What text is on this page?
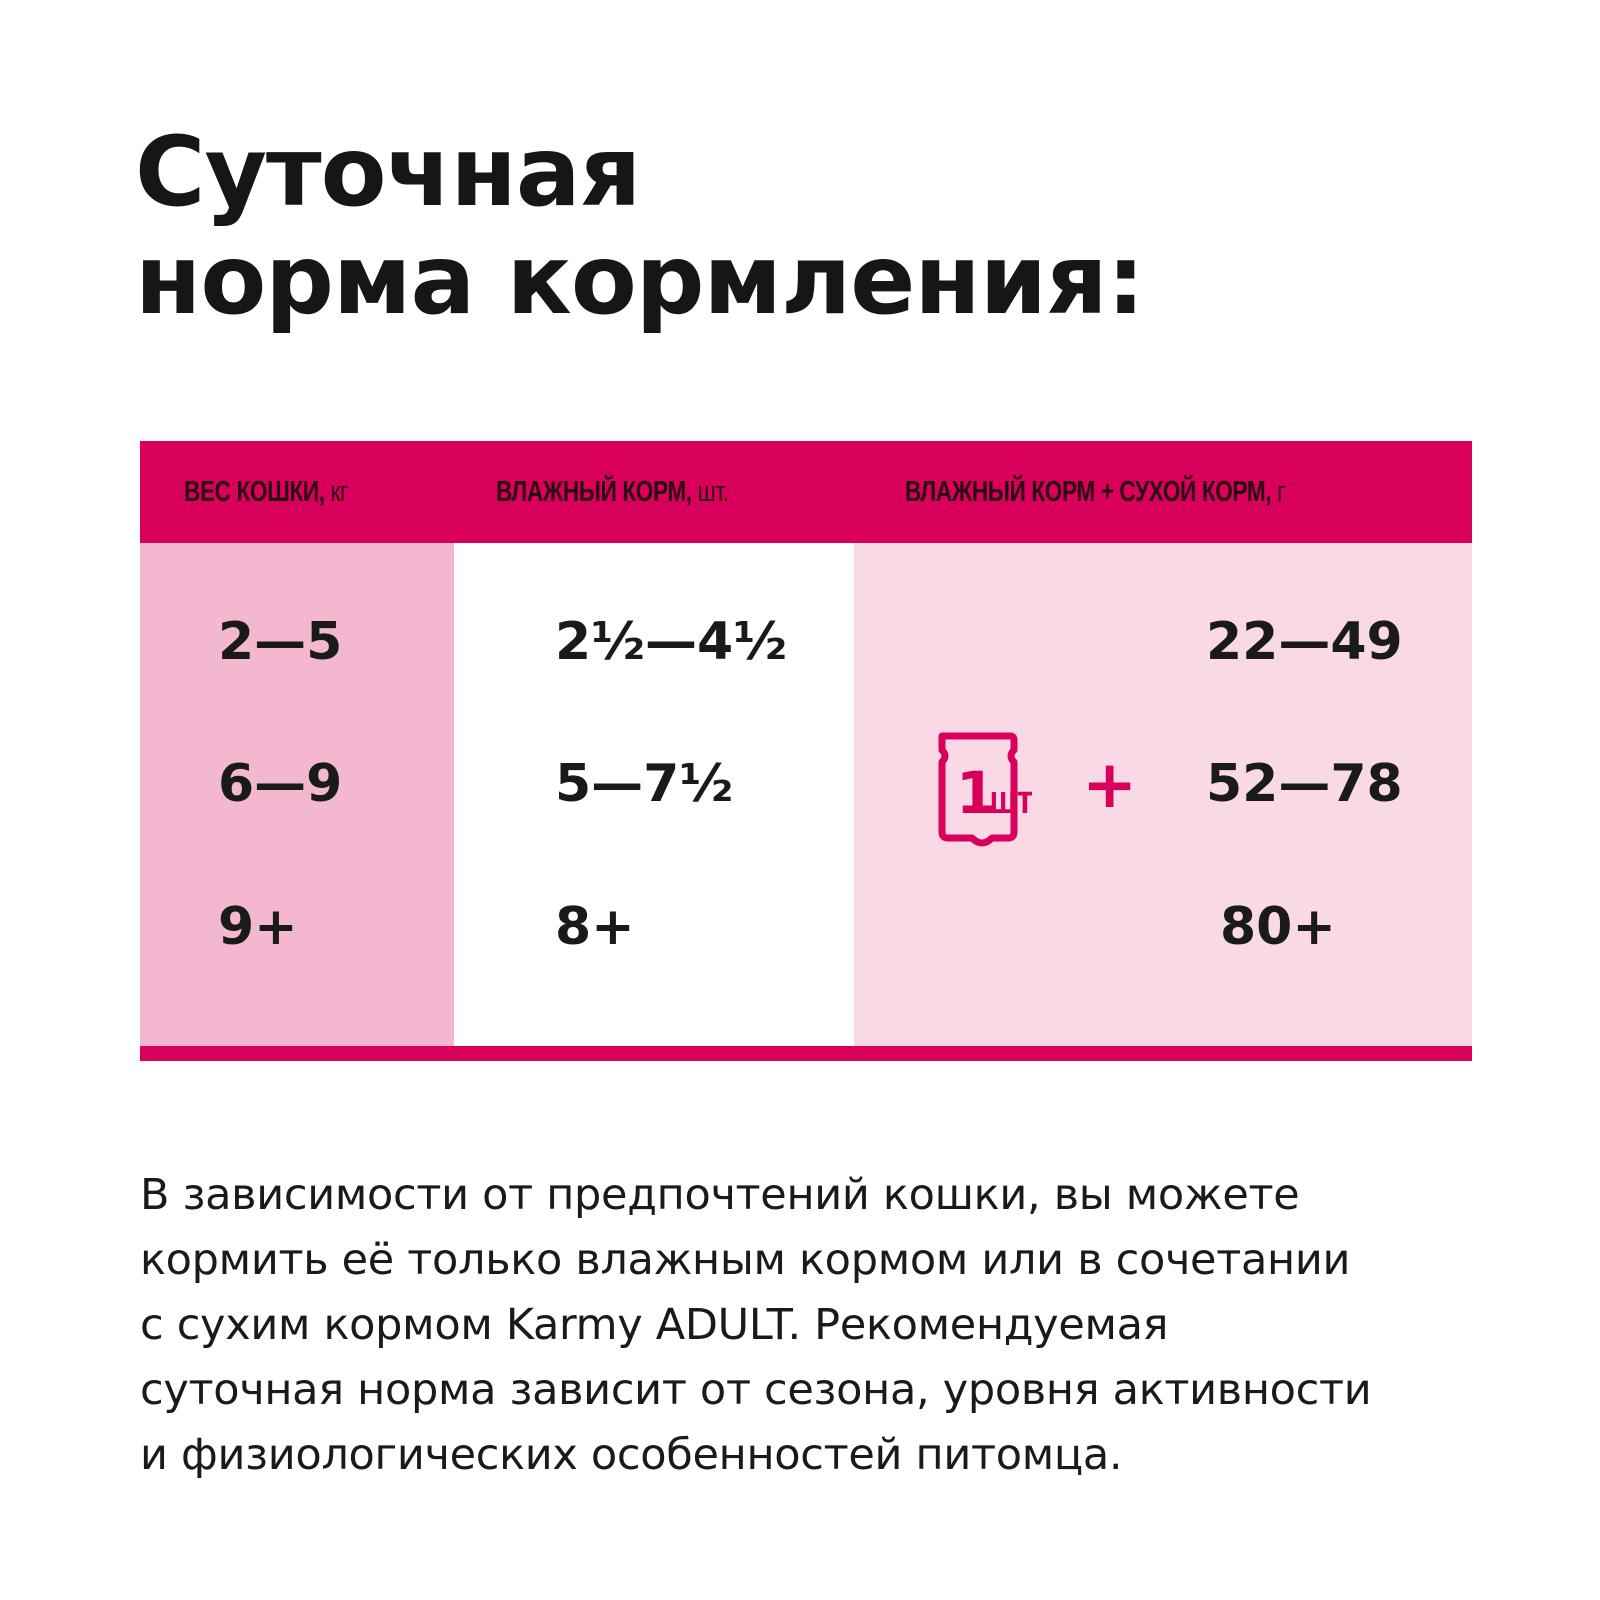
Суточная
норма кормления:
ВЕС КОШКИ, кг	ВЛАЖНЫЙ КОРМ, шт.	ВЛАЖНЫЙ КОРМ + СУХОЙ КОРМ, г
2—5	2½—4½	22—49
6—9	5—7½	52—78
9+	8+	80+
1
шт +

В зависимости от предпочтений кошки, вы можете
кормить её только влажным кормом или в сочетании
с сухим кормом Karmy ADULT. Рекомендуемая
суточная норма зависит от сезона, уровня активности
и физиологических особенностей питомца.
